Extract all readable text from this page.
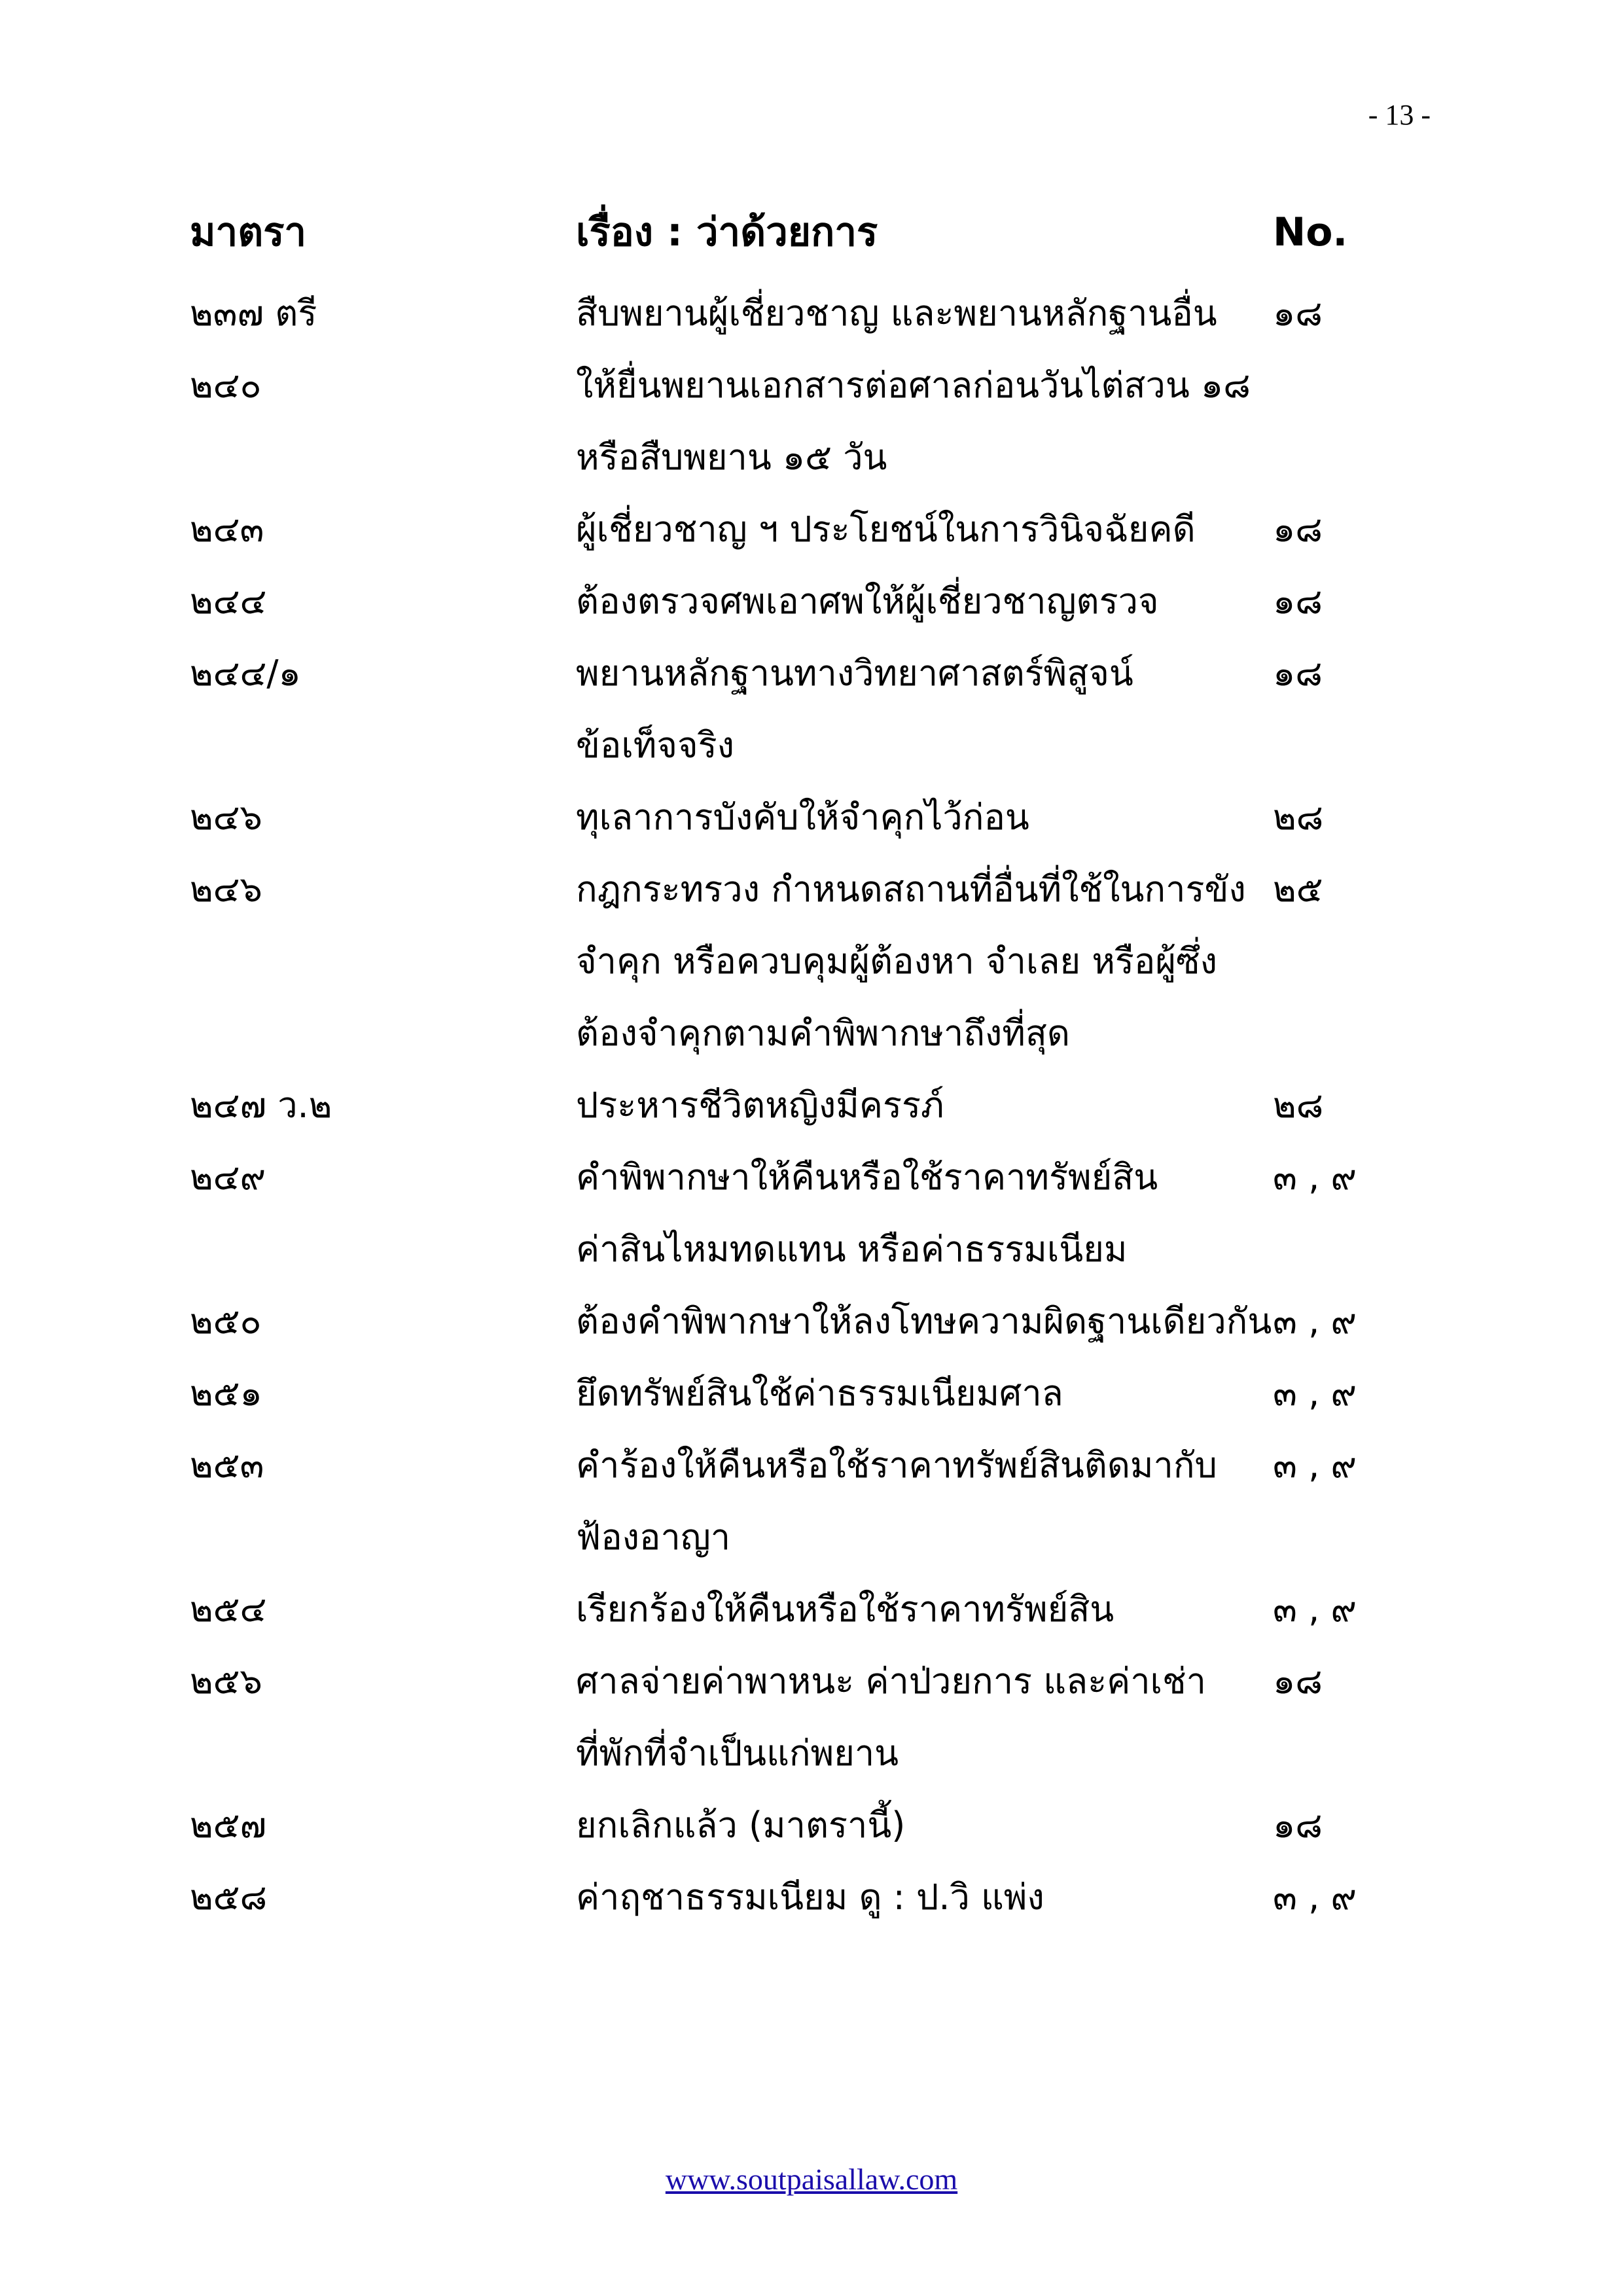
- 13 -
มาตรา	เรื่อง : ว่าด้วยการ	No.
๒๓๗ ตรี	สืบพยานผู้เชี่ยวชาญ และพยานหลักฐานอื่น ๑๘
๒๔๐	ให้ยื่นพยานเอกสารต่อศาลก่อนวันไต่สวน ๑๘
หรือสืบพยาน ๑๕ วัน
๒๔๓	ผู้เชี่ยวชาญ ฯ ประโยชน์ในการวินิจฉัยคดี ๑๘
๒๔๔	ต้องตรวจศพเอาศพให้ผู้เชี่ยวชาญตรวจ	๑๘
๒๔๔/๑	พยานหลักฐานทางวิทยาศาสตร์พิสูจน์	๑๘
ข้อเท็จจริง
๒๔๖	ทุเลาการบังคับให้จำคุกไว้ก่อน	๒๘
๒๔๖	กฎกระทรวง กำหนดสถานที่อื่นที่ใช้ในการขัง ๒๕
จำคุก หรือควบคุมผู้ต้องหา จำเลย หรือผู้ซึ่ง
ต้องจำคุกตามคำพิพากษาถึงที่สุด
๒๔๗ ว.๒	ประหารชีวิตหญิงมีครรภ์	๒๘
๒๔๙	คำพิพากษาให้คืนหรือใช้ราคาทรัพย์สิน	๓ , ๙
ค่าสินไหมทดแทน หรือค่าธรรมเนียม
๒๕๐	ต้องคำพิพากษาให้ลงโทษความผิดฐานเดียวกัน ๓ , ๙
๒๕๑	ยึดทรัพย์สินใช้ค่าธรรมเนียมศาล	๓ , ๙
๒๕๓	คำร้องให้คืนหรือใช้ราคาทรัพย์สินติดมากับ ๓ , ๙
ฟ้องอาญา
๒๕๔	เรียกร้องให้คืนหรือใช้ราคาทรัพย์สิน	๓ , ๙
๒๕๖	ศาลจ่ายค่าพาหนะ ค่าป่วยการ และค่าเช่า ๑๘
ที่พักที่จำเป็นแก่พยาน
๒๕๗	ยกเลิกแล้ว (มาตรานี้)	๑๘
๒๕๘	ค่าฤชาธรรมเนียม ดู : ป.วิ แพ่ง	๓ , ๙
www.soutpaisallaw.com
